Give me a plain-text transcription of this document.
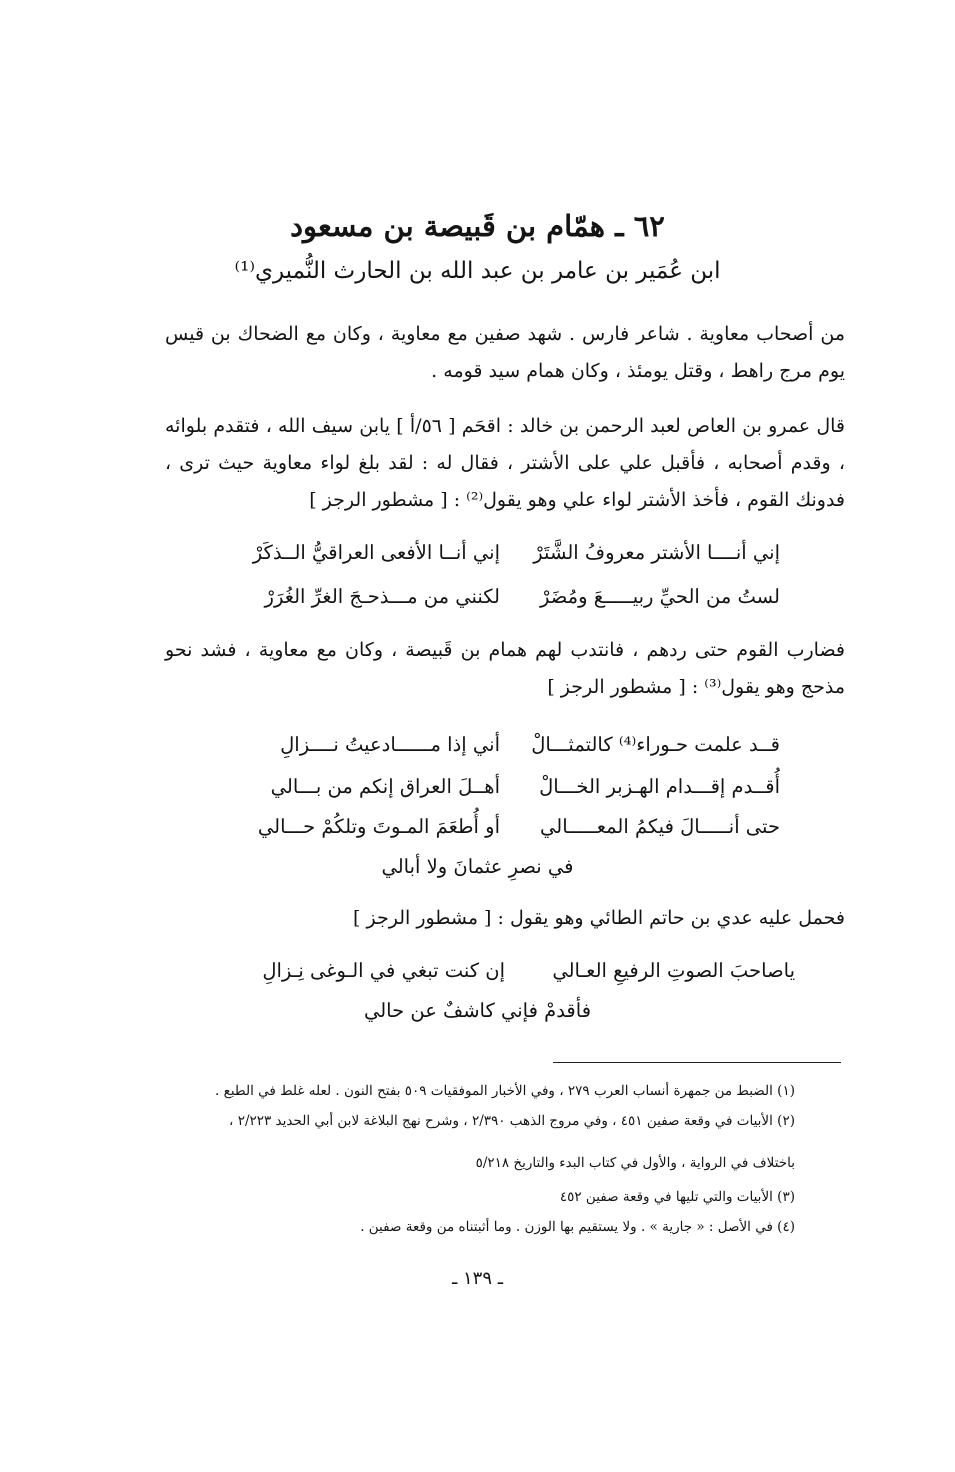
٦٢ ـ همّام بن قَبيصة بن مسعود
ابن عُمَير بن عامر بن عبد الله بن الحارث النُّميري⁽¹⁾

من أصحاب معاوية . شاعر فارس . شهد صفين مع معاوية ، وكان مع الضحاك بن قيس يوم مرج راهط ، وقتل يومئذ ، وكان همام سيد قومه .

قال عمرو بن العاص لعبد الرحمن بن خالد : اقحَم [ ٥٦/أ ] يابن سيف الله ، فتقدم بلوائه ، وقدم أصحابه ، فأقبل علي على الأشتر ، فقال له : لقد بلغ لواء معاوية حيث ترى ، فدونك القوم ، فأخذ الأشتر لواء علي وهو يقول⁽²⁾ : [ مشطور الرجز ]

إني أنــــا الأشتر معروفُ الشَّتَرْ
إني أنــا الأفعى العراقيُّ الــذكَرْ
لستُ من الحيِّ ربيـــــعَ ومُضَرْ
لكنني من مـــذحـجَ الغرِّ الغُرَرْ

فضارب القوم حتى ردهم ، فانتدب لهم همام بن قَبيصة ، وكان مع معاوية ، فشد نحو مذحج وهو يقول⁽³⁾ : [ مشطور الرجز ]

قــد علمت حـوراء⁽⁴⁾ كالتمثـــالْ
أني إذا مــــــادعيتُ نــــزالِ
أُقــدم إقـــدام الهـزبر الخـــالْ
أهــلَ العراق إنكم من بـــالي
حتى أنـــــالَ فيكمُ المعـــــالي
أو أُطعَمَ المـوتَ وتلكُمْ حـــالي
في نصرِ عثمانَ ولا أبالي

فحمل عليه عدي بن حاتم الطائي وهو يقول : [ مشطور الرجز ]

ياصاحبَ الصوتِ الرفيعِ العـالي
إن كنت تبغي في الـوغى نِـزالِ
فأقدمْ فإني كاشفٌ عن حالي

(١) الضبط من جمهرة أنساب العرب ٢٧٩ ، وفي الأخبار الموفقيات ٥٠٩ بفتح النون . لعله غلط في الطبع .

(٢) الأبيات في وقعة صفين ٤٥١ ، وفي مروج الذهب ٢/٣٩٠ ، وشرح نهج البلاغة لابن أبي الحديد ٢/٢٢٣ ،

باختلاف في الرواية ، والأول في كتاب البدء والتاريخ ٥/٢١٨

(٣) الأبيات والتي تليها في وقعة صفين ٤٥٢

(٤) في الأصل : « جارية » . ولا يستقيم بها الوزن . وما أثبتناه من وقعة صفين .

ـ ١٣٩ ـ
